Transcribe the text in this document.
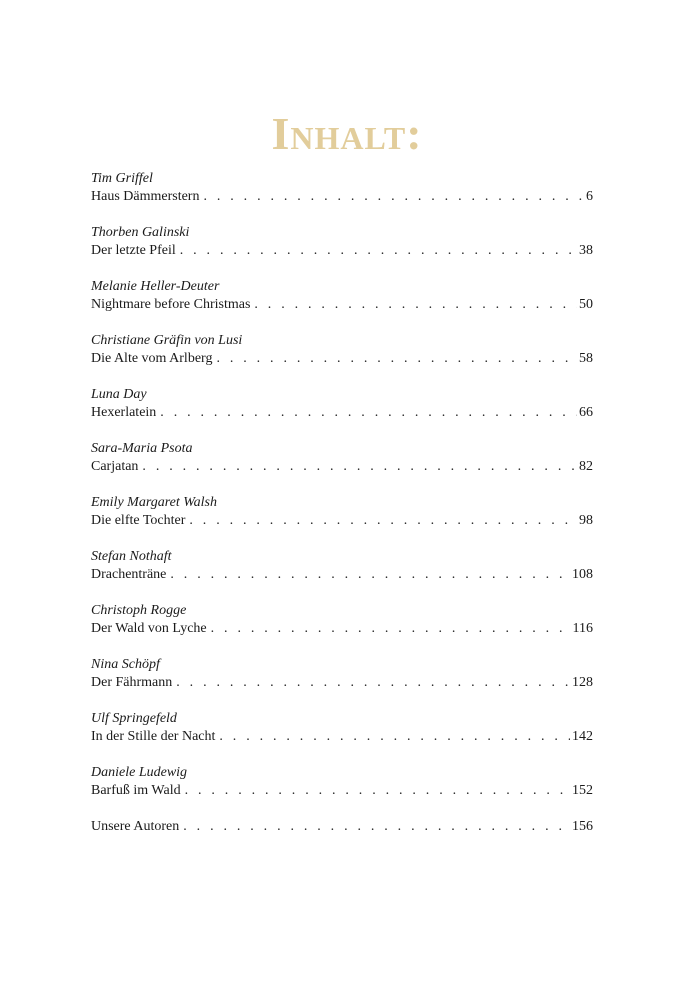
Inhalt:
Tim Griffel
Haus Dämmerstern . . .	6
Thorben Galinski
Der letzte Pfeil . . .	38
Melanie Heller-Deuter
Nightmare before Christmas . . .	50
Christiane Gräfin von Lusi
Die Alte vom Arlberg . . .	58
Luna Day
Hexerlatein . . .	66
Sara-Maria Psota
Carjatan . . .	82
Emily Margaret Walsh
Die elfte Tochter . . .	98
Stefan Nothaft
Drachenträne . . .	108
Christoph Rogge
Der Wald von Lyche . . .	116
Nina Schöpf
Der Fährmann . . .	128
Ulf Springefeld
In der Stille der Nacht . . .	142
Daniele Ludewig
Barfuß im Wald . . .	152
Unsere Autoren . . .	156
